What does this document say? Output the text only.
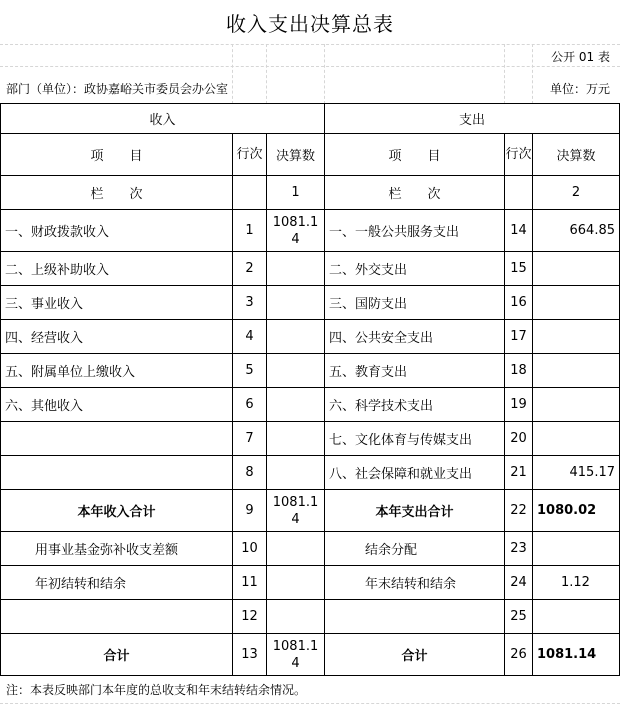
收入支出决算总表
公开 01 表
部门（单位）：政协嘉峪关市委员会办公室	单位：万元
收入			支出		
项　　目	行次	决算数	项　　目	行次	决算数
栏　　次		1	栏　　次		2
一、财政拨款收入	1	1081.14	一、一般公共服务支出	14	664.85
二、上级补助收入	2		二、外交支出	15	
三、事业收入	3		三、国防支出	16	
四、经营收入	4		四、公共安全支出	17	
五、附属单位上缴收入	5		五、教育支出	18	
六、其他收入	6		六、科学技术支出	19	
	7		七、文化体育与传媒支出	20	
	8		八、社会保障和就业支出	21	415.17
本年收入合计	9	1081.14	本年支出合计	22	1080.02
用事业基金弥补收支差额	10		结余分配	23	
年初结转和结余	11		年末结转和结余	24	1.12
	12			25	
合计	13	1081.14	合计	26	1081.14
注：本表反映部门本年度的总收支和年末结转结余情况。
